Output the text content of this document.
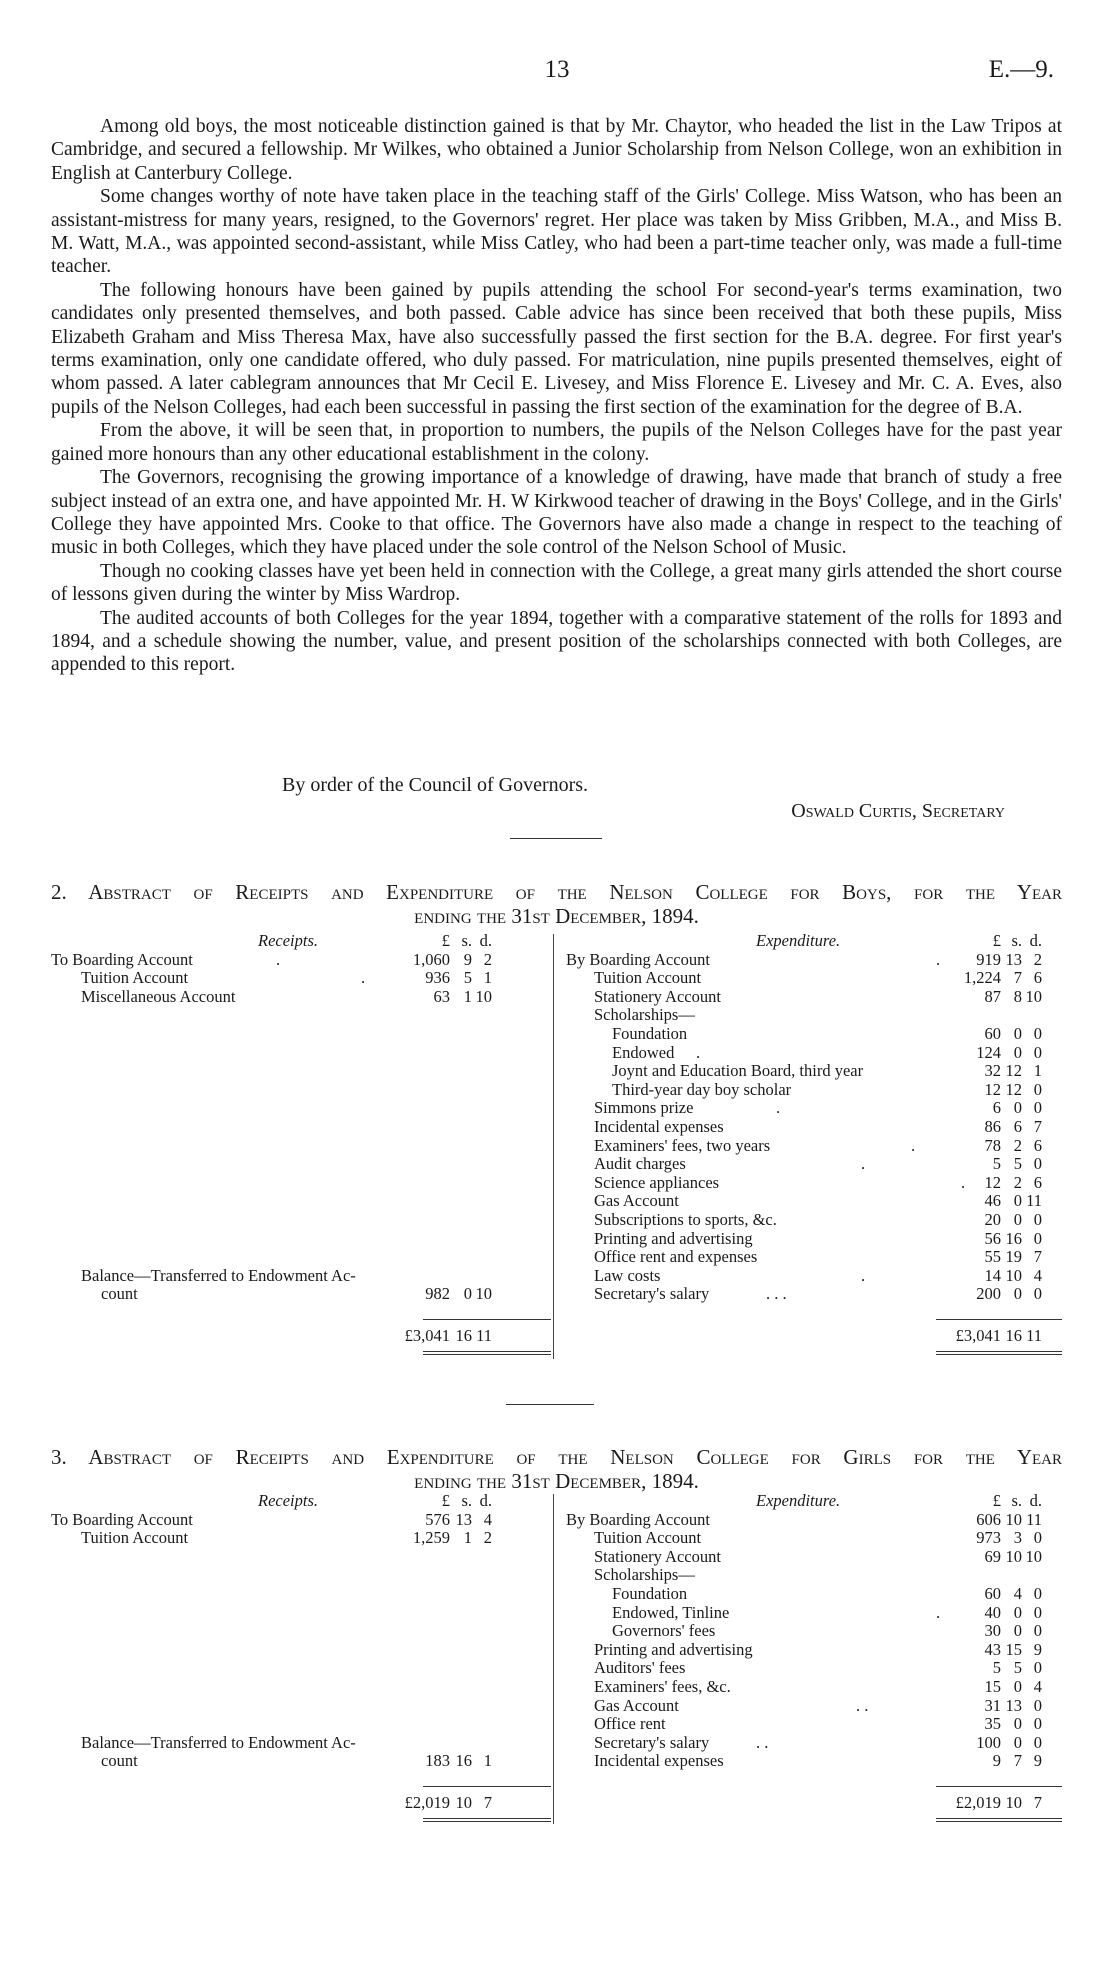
13	E.—9.

Among old boys, the most noticeable distinction gained is that by Mr. Chaytor, who headed the list in the Law Tripos at Cambridge, and secured a fellowship. Mr Wilkes, who obtained a Junior Scholarship from Nelson College, won an exhibition in English at Canterbury College.

Some changes worthy of note have taken place in the teaching staff of the Girls' College. Miss Watson, who has been an assistant-mistress for many years, resigned, to the Governors' regret. Her place was taken by Miss Gribben, M.A., and Miss B. M. Watt, M.A., was appointed second-assistant, while Miss Catley, who had been a part-time teacher only, was made a full-time teacher.

The following honours have been gained by pupils attending the school For second-year's terms examination, two candidates only presented themselves, and both passed. Cable advice has since been received that both these pupils, Miss Elizabeth Graham and Miss Theresa Max, have also successfully passed the first section for the B.A. degree. For first year's terms examination, only one candidate offered, who duly passed. For matriculation, nine pupils presented themselves, eight of whom passed. A later cablegram announces that Mr Cecil E. Livesey, and Miss Florence E. Livesey and Mr. C. A. Eves, also pupils of the Nelson Colleges, had each been successful in passing the first section of the examination for the degree of B.A.

From the above, it will be seen that, in proportion to numbers, the pupils of the Nelson Colleges have for the past year gained more honours than any other educational establishment in the colony.

The Governors, recognising the growing importance of a knowledge of drawing, have made that branch of study a free subject instead of an extra one, and have appointed Mr. H. W Kirkwood teacher of drawing in the Boys' College, and in the Girls' College they have appointed Mrs. Cooke to that office. The Governors have also made a change in respect to the teaching of music in both Colleges, which they have placed under the sole control of the Nelson School of Music.

Though no cooking classes have yet been held in connection with the College, a great many girls attended the short course of lessons given during the winter by Miss Wardrop.

The audited accounts of both Colleges for the year 1894, together with a comparative statement of the rolls for 1893 and 1894, and a schedule showing the number, value, and present position of the scholarships connected with both Colleges, are appended to this report.

By order of the Council of Governors.
Oswald Curtis, Secretary
2. Abstract of Receipts and Expenditure of the Nelson College for Boys, for the Year
ending the 31st December, 1894.
Receipts.	Expenditure.
£ s. d.	£ s. d.
To Boarding Account	.	1,060 9 2
Tuition Account	.	936 5 1
Miscellaneous Account	63 1 10
By Boarding Account	. 919 13 2
Tuition Account	1,224 7 6
Stationery Account	87 8 10
Scholarships—
Foundation	60 0 0
Endowed .	124 0 0
Joynt and Education Board, third year	32 12 1
Third-year day boy scholar	12 12 0
Simmons prize	.	6 0 0
Incidental expenses	86 6 7
Examiners' fees, two years	.	78 2 6
Audit charges	.	5 5 0
Science appliances	. 12 2 6
Gas Account	46 0 11
Subscriptions to sports, &c.	20 0 0
Printing and advertising	56 16 0
Office rent and expenses	55 19 7
Law costs	.	14 10 4
Secretary's salary	. . .	200 0 0
Balance—Transferred to Endowment Ac-
count	982 0 10
£3,041 16 11	£3,041 16 11
3. Abstract of Receipts and Expenditure of the Nelson College for Girls for the Year
ending the 31st December, 1894.
Receipts.	Expenditure.
£ s. d.	£ s. d.
To Boarding Account	576 13 4
Tuition Account	1,259 1 2
By Boarding Account	606 10 11
Tuition Account	973 3 0
Stationery Account	69 10 10
Scholarships—
Foundation	60 4 0
Endowed, Tinline	.	40 0 0
Governors' fees	30 0 0
Printing and advertising	43 15 9
Auditors' fees	5 5 0
Examiners' fees, &c.	15 0 4
Gas Account	. .	31 13 0
Office rent	35 0 0
Secretary's salary	. .	100 0 0
Incidental expenses	9 7 9
Balance—Transferred to Endowment Ac-
count	183 16 1
£2,019 10 7	£2,019 10 7
